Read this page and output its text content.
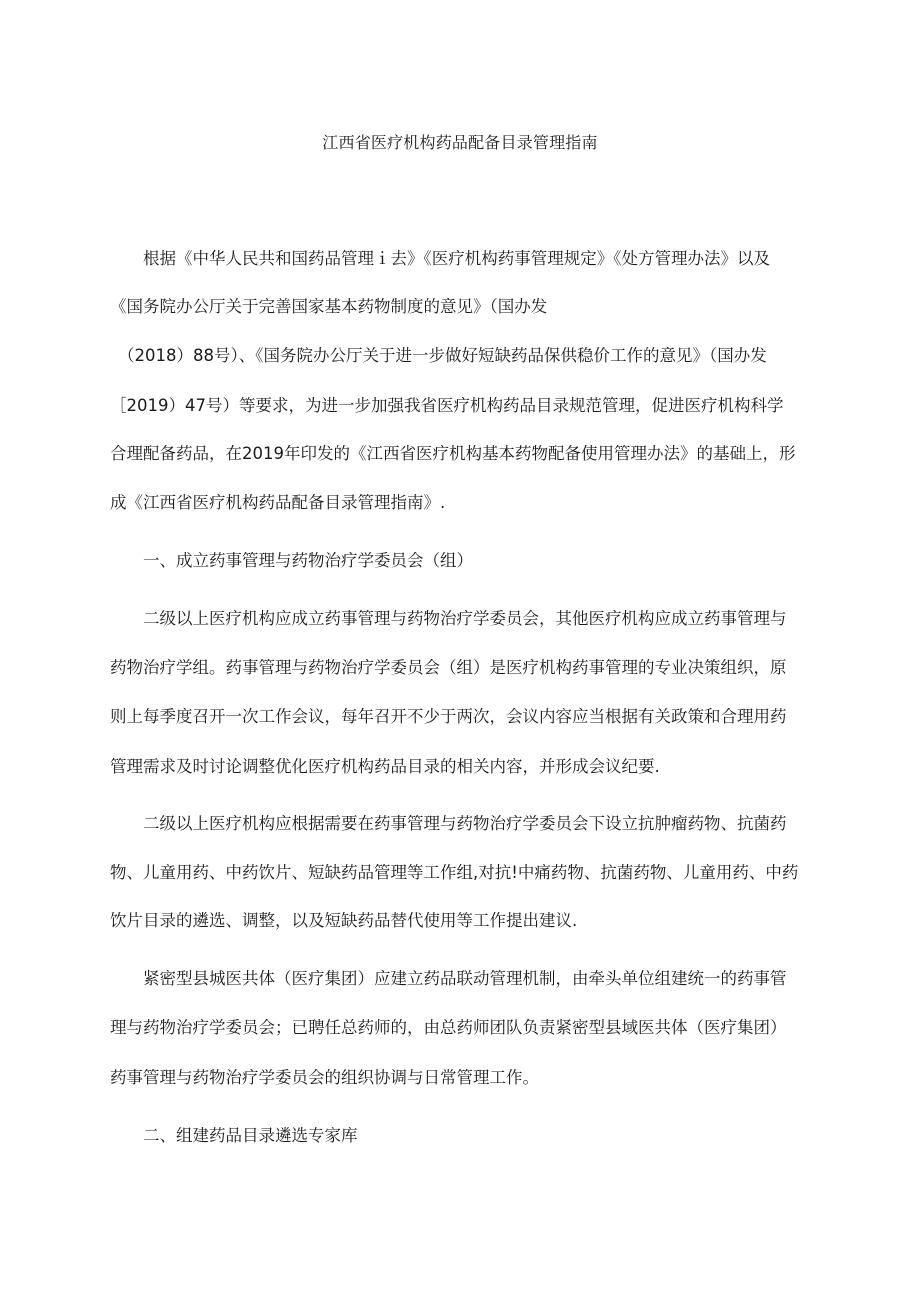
江西省医疗机构药品配备目录管理指南
根据《中华人民共和国药品管理ｉ去》《医疗机构药事管理规定》《处方管理办法》以及
《国务院办公厅关于完善国家基本药物制度的意见》（国办发
（2018）88号）、《国务院办公厅关于进一步做好短缺药品保供稳价工作的意见》（国办发
［2019）47号）等要求，为进一步加强我省医疗机构药品目录规范管理，促进医疗机构科学
合理配备药品，在2019年印发的《江西省医疗机构基本药物配备使用管理办法》的基础上，形
成《江西省医疗机构药品配备目录管理指南》.
一、成立药事管理与药物治疗学委员会（组）
二级以上医疗机构应成立药事管理与药物治疗学委员会，其他医疗机构应成立药事管理与
药物治疗学组。药事管理与药物治疗学委员会（组）是医疗机构药事管理的专业决策组织，原
则上每季度召开一次工作会议，每年召开不少于两次，会议内容应当根据有关政策和合理用药
管理需求及时讨论调整优化医疗机构药品目录的相关内容，并形成会议纪要.
二级以上医疗机构应根据需要在药事管理与药物治疗学委员会下设立抗肿瘤药物、抗菌药
物、儿童用药、中药饮片、短缺药品管理等工作组,对抗!中痛药物、抗菌药物、儿童用药、中药
饮片目录的遴选、调整，以及短缺药品替代使用等工作提出建议.
紧密型县城医共体（医疗集团）应建立药品联动管理机制，由牵头单位组建统一的药事管
理与药物治疗学委员会；已聘任总药师的，由总药师团队负责紧密型县域医共体（医疗集团）
药事管理与药物治疗学委员会的组织协调与日常管理工作。
二、组建药品目录遴选专家库
